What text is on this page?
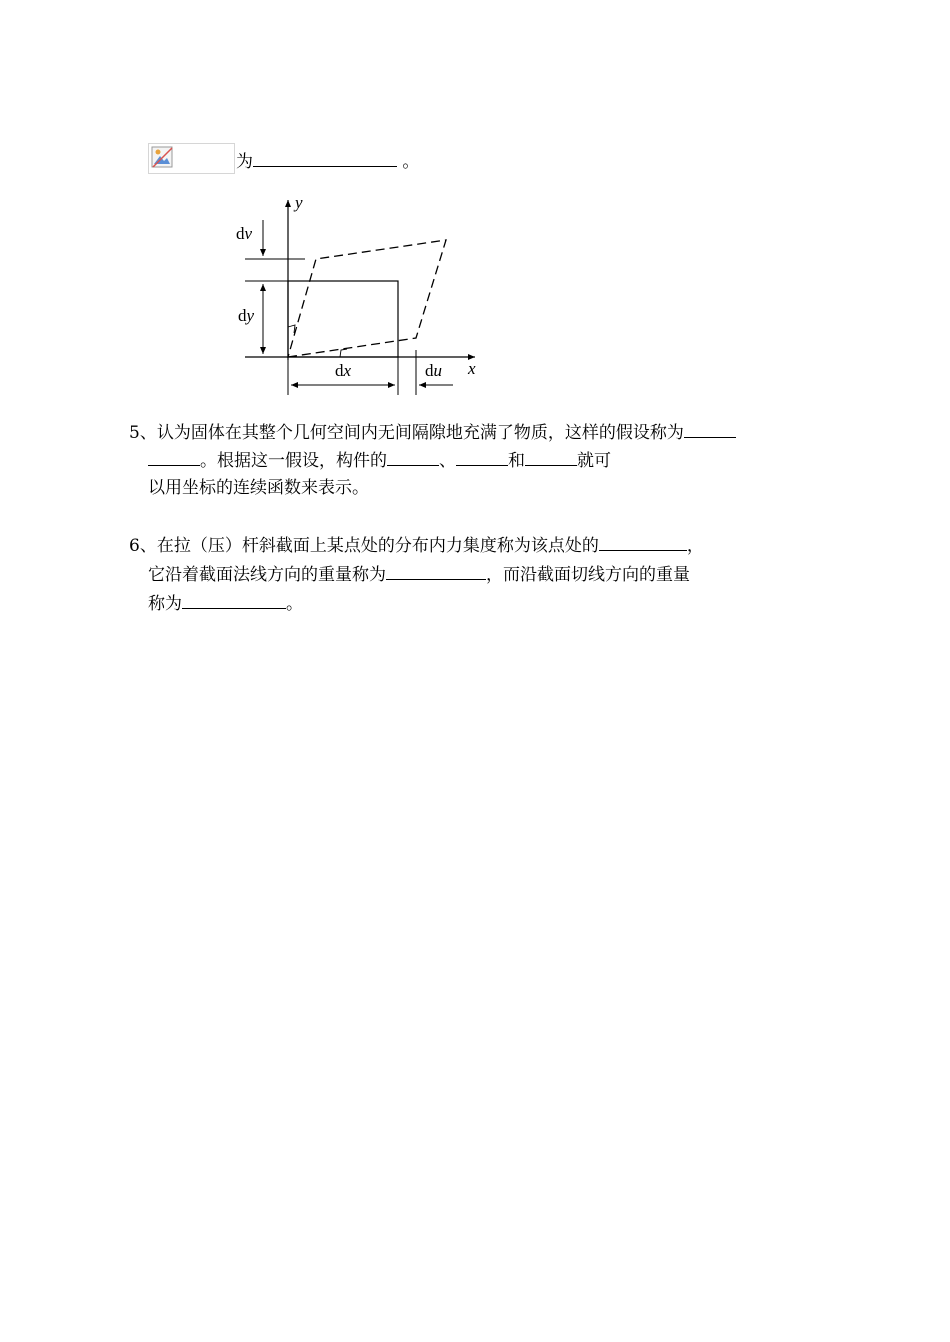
为	。
y
x
dv
dy
dx	du
5、认为固体在其整个几何空间内无间隔隙地充满了物质，这样的假设称为
。根据这一假设，构件的	、	和	就可
以用坐标的连续函数来表示。
6、在拉（压）杆斜截面上某点处的分布内力集度称为该点处的	，
它沿着截面法线方向的重量称为	，而沿截面切线方向的重量
称为	。
